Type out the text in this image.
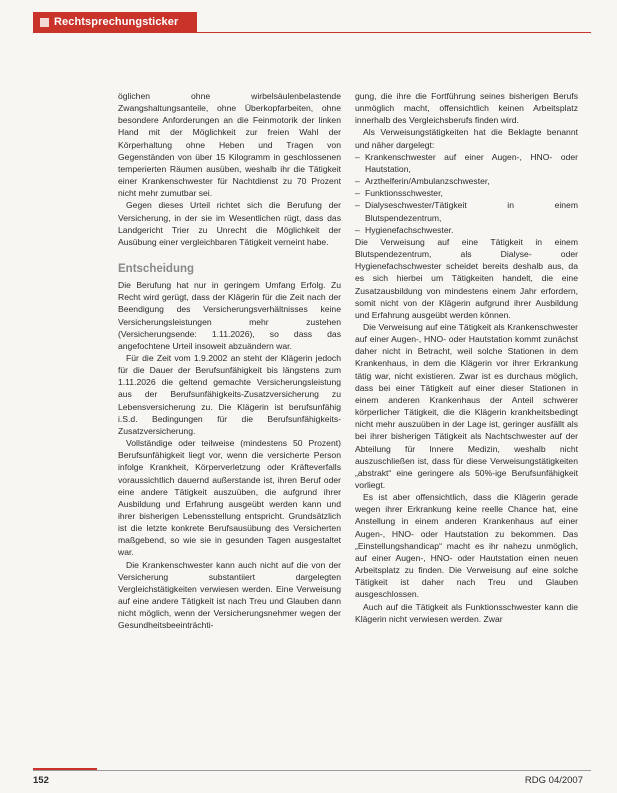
Rechtsprechungsticker

öglichen ohne wirbelsäulenbelastende Zwangshaltungsanteile, ohne Überkopfarbeiten, ohne besondere Anforderungen an die Feinmotorik der linken Hand mit der Möglichkeit zur freien Wahl der Körperhaltung ohne Heben und Tragen von Gegenständen von über 15 Kilogramm in geschlossenen temperierten Räumen ausüben, weshalb ihr die Tätigkeit einer Krankenschwester für Nachtdienst zu 70 Prozent nicht mehr zumutbar sei.

Gegen dieses Urteil richtet sich die Berufung der Versicherung, in der sie im Wesentlichen rügt, dass das Landgericht Trier zu Unrecht die Möglichkeit der Ausübung einer vergleichbaren Tätigkeit verneint habe.

Entscheidung

Die Berufung hat nur in geringem Umfang Erfolg. Zu Recht wird gerügt, dass der Klägerin für die Zeit nach der Beendigung des Versicherungsverhältnisses keine Versicherungsleistungen mehr zustehen (Versicherungsende: 1.11.2026), so dass das angefochtene Urteil insoweit abzuändern war.

Für die Zeit vom 1.9.2002 an steht der Klägerin jedoch für die Dauer der Berufsunfähigkeit bis längstens zum 1.11.2026 die geltend gemachte Versicherungsleistung aus der Berufsunfähigkeits-Zusatzversicherung zu Lebensversicherung zu. Die Klägerin ist berufsunfähig i.S.d. Bedingungen für die Berufsunfähigkeits-Zusatzversicherung.

Vollständige oder teilweise (mindestens 50 Prozent) Berufsunfähigkeit liegt vor, wenn die versicherte Person infolge Krankheit, Körperverletzung oder Kräfteverfalls voraussichtlich dauernd außerstande ist, ihren Beruf oder eine andere Tätigkeit auszuüben, die aufgrund ihrer Ausbildung und Erfahrung ausgeübt werden kann und ihrer bisherigen Lebensstellung entspricht. Grundsätzlich ist die letzte konkrete Berufsausübung des Versicherten maßgebend, so wie sie in gesunden Tagen ausgestaltet war.

Die Krankenschwester kann auch nicht auf die von der Versicherung substantiiert dargelegten Vergleichstätigkeiten verwiesen werden. Eine Verweisung auf eine andere Tätigkeit ist nach Treu und Glauben dann nicht möglich, wenn der Versicherungsnehmer wegen der Gesundheitsbeeinträchti-

gung, die ihre die Fortführung seines bisherigen Berufs unmöglich macht, offensichtlich keinen Arbeitsplatz innerhalb des Vergleichsberufs finden wird.

Als Verweisungstätigkeiten hat die Beklagte benannt und näher dargelegt:

– Krankenschwester auf einer Augen-, HNO- oder Hautstation,
– Arzthelferin/Ambulanzschwester,
– Funktionsschwester,
– Dialyseschwester/Tätigkeit in einem Blutspendezentrum,
– Hygienefachschwester.

Die Verweisung auf eine Tätigkeit in einem Blutspendezentrum, als Dialyse- oder Hygienefachschwester scheidet bereits deshalb aus, da es sich hierbei um Tätigkeiten handelt, die eine Zusatzausbildung von mindestens einem Jahr erfordern, somit nicht von der Klägerin aufgrund ihrer Ausbildung und Erfahrung ausgeübt werden können.

Die Verweisung auf eine Tätigkeit als Krankenschwester auf einer Augen-, HNO- oder Hautstation kommt zunächst daher nicht in Betracht, weil solche Stationen in dem Krankenhaus, in dem die Klägerin vor ihrer Erkrankung tätig war, nicht existieren. Zwar ist es durchaus möglich, dass bei einer Tätigkeit auf einer dieser Stationen in einem anderen Krankenhaus der Anteil schwerer körperlicher Tätigkeit, die die Klägerin krankheitsbedingt nicht mehr auszuüben in der Lage ist, geringer ausfällt als bei ihrer bisherigen Tätigkeit als Nachtschwester auf der Abteilung für Innere Medizin, weshalb nicht auszuschließen ist, dass für diese Verweisungstätigkeiten „abstrakt“ eine geringere als 50%-ige Berufsunfähigkeit vorliegt.

Es ist aber offensichtlich, dass die Klägerin gerade wegen ihrer Erkrankung keine reelle Chance hat, eine Anstellung in einem anderen Krankenhaus auf einer Augen-, HNO- oder Hautstation zu bekommen. Das „Einstellungshandicap“ macht es ihr nahezu unmöglich, auf einer Augen-, HNO- oder Hautstation einen neuen Arbeitsplatz zu finden. Die Verweisung auf eine solche Tätigkeit ist daher nach Treu und Glauben ausgeschlossen.

Auch auf die Tätigkeit als Funktionsschwester kann die Klägerin nicht verwiesen werden. Zwar

152	RDG 04/2007
